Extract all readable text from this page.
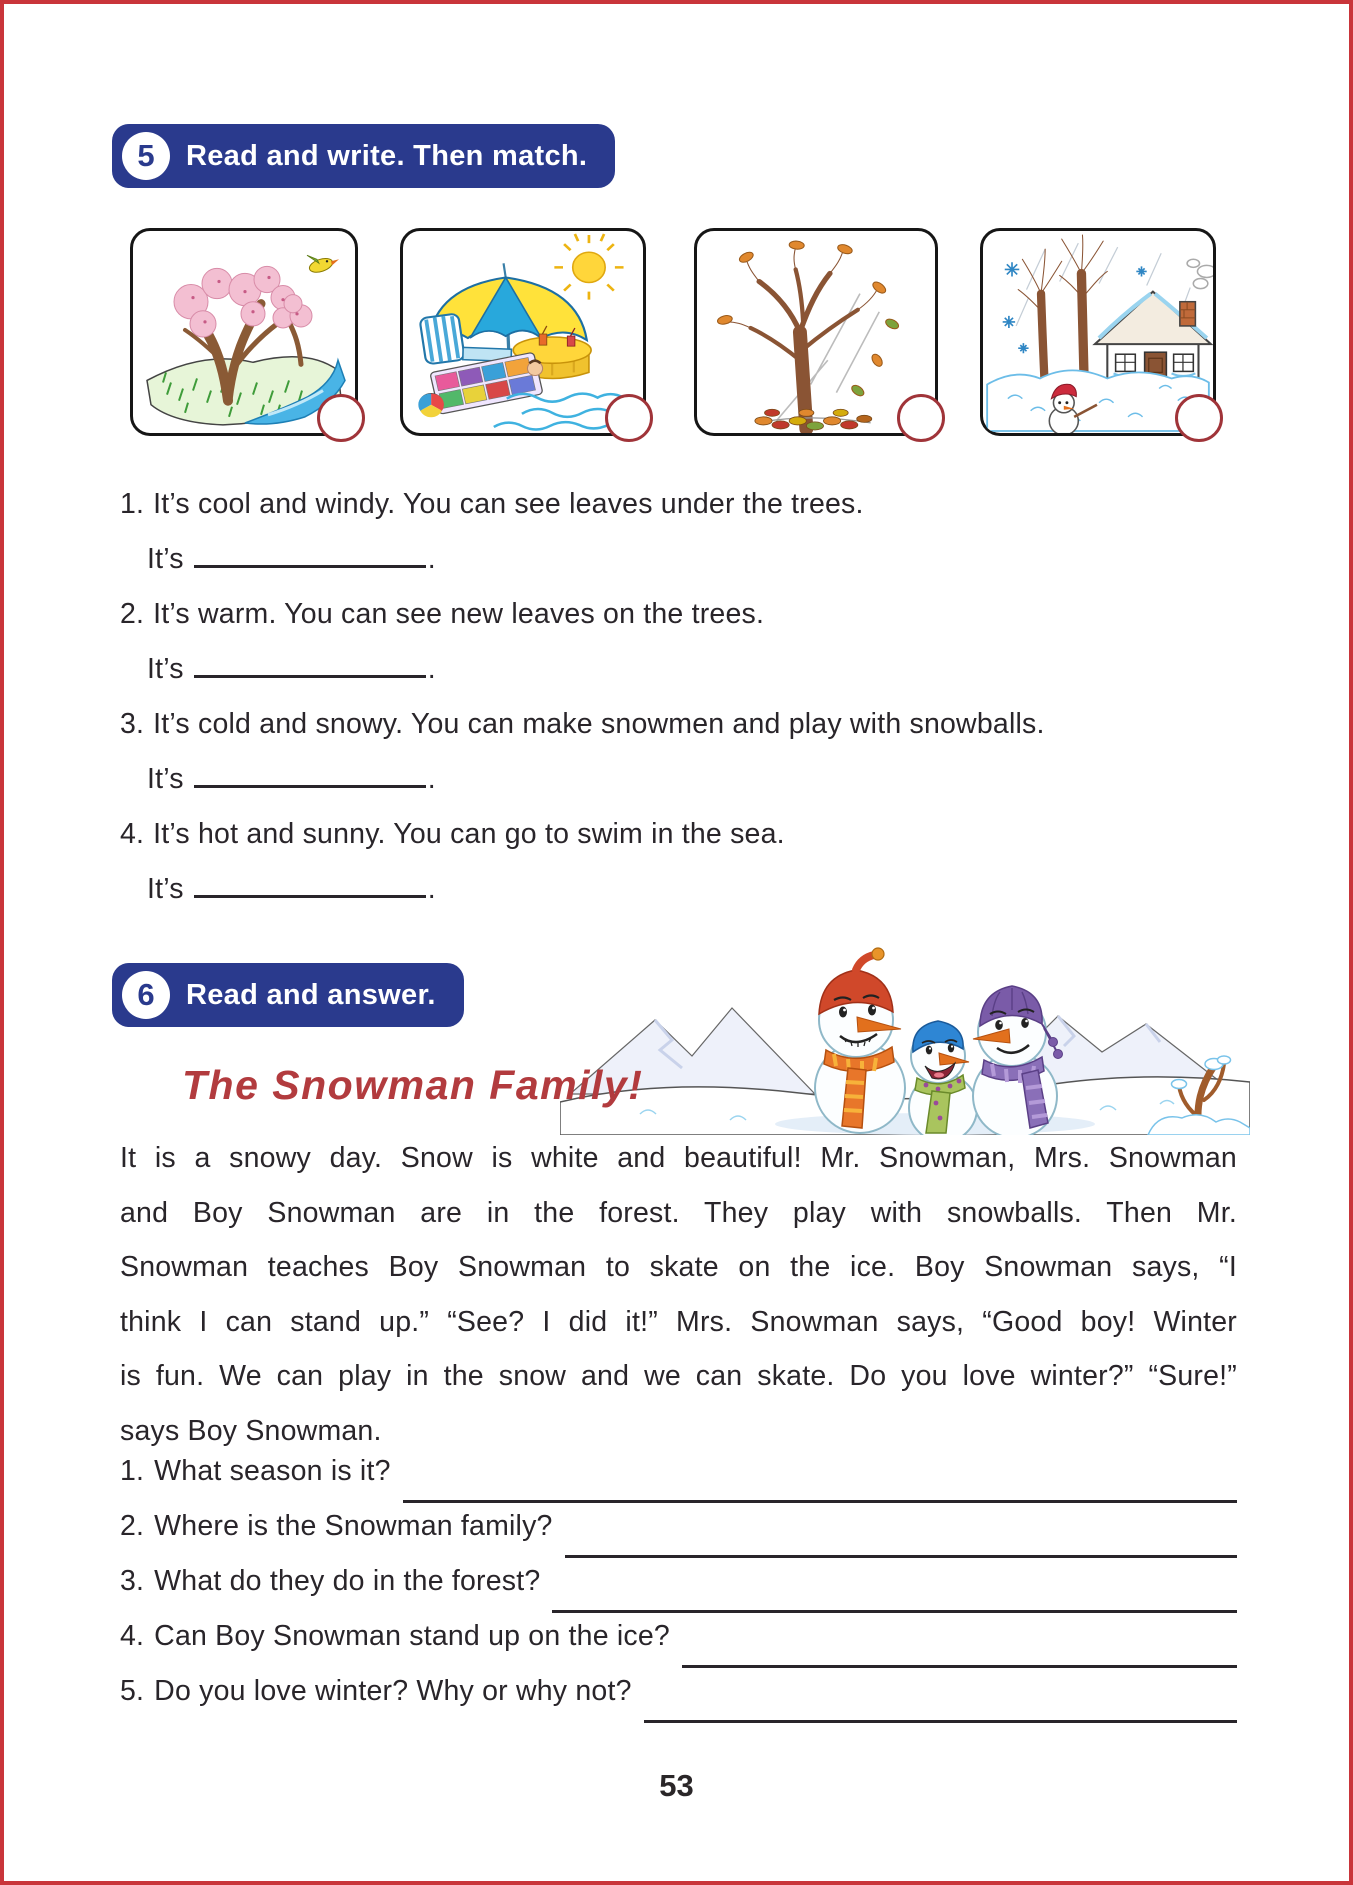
5 Read and write. Then match.
1. It’s cool and windy. You can see leaves under the trees.
It’s	.
2. It’s warm. You can see new leaves on the trees.
It’s	.
3. It’s cold and snowy. You can make snowmen and play with snowballs.
It’s	.
4. It’s hot and sunny. You can go to swim in the sea.
It’s	.
6 Read and answer.
The Snowman Family!
It is a snowy day. Snow is white and beautiful! Mr. Snowman, Mrs. Snowman
and Boy Snowman are in the forest. They play with snowballs. Then Mr.
Snowman teaches Boy Snowman to skate on the ice. Boy Snowman says, “I
think I can stand up.” “See? I did it!” Mrs. Snowman says, “Good boy! Winter
is fun. We can play in the snow and we can skate. Do you love winter?” “Sure!”
says Boy Snowman.
1. What season is it?
2. Where is the Snowman family?
3. What do they do in the forest?
4. Can Boy Snowman stand up on the ice?
5. Do you love winter? Why or why not?
53
